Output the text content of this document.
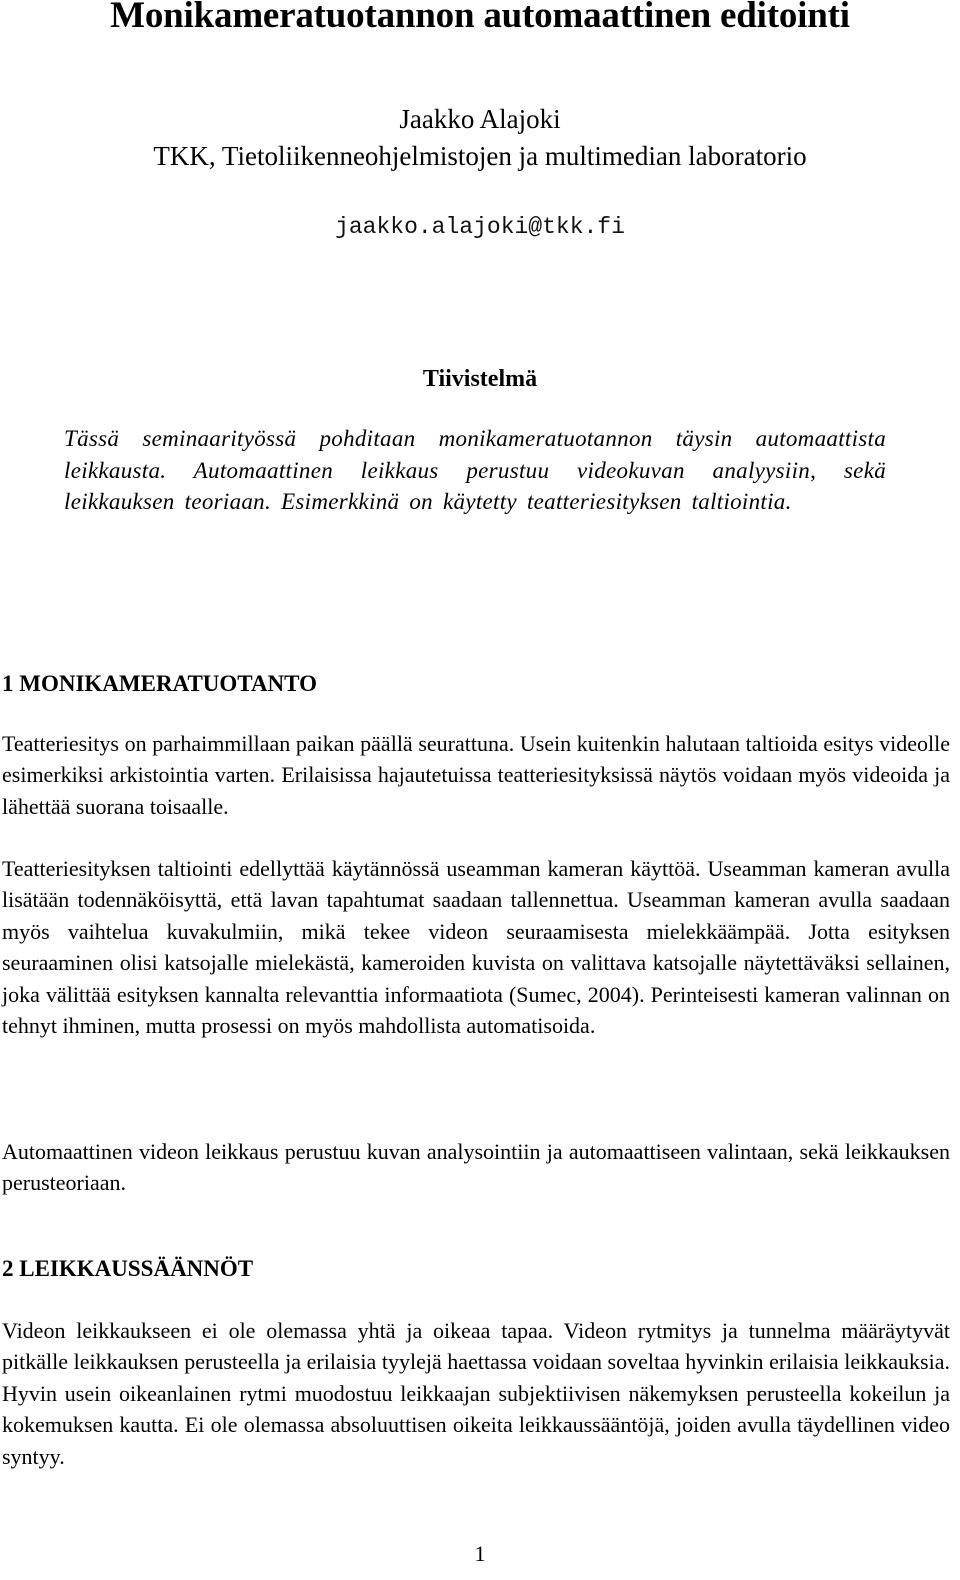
Monikameratuotannon automaattinen editointi

Jaakko Alajoki

TKK, Tietoliikenneohjelmistojen ja multimedian laboratorio

jaakko.alajoki@tkk.fi
Tiivistelmä

Tässä seminaarityössä pohditaan monikameratuotannon täysin automaattista leikkausta. Automaattinen leikkaus perustuu videokuvan analyysiin, sekä leikkauksen teoriaan. Esimerkkinä on käytetty teatteriesityksen taltiointia.

1 MONIKAMERATUOTANTO

Teatteriesitys on parhaimmillaan paikan päällä seurattuna. Usein kuitenkin halutaan taltioida esitys videolle esimerkiksi arkistointia varten. Erilaisissa hajautetuissa teatteriesityksissä näytös voidaan myös videoida ja lähettää suorana toisaalle.

Teatteriesityksen taltiointi edellyttää käytännössä useamman kameran käyttöä. Useamman kameran avulla lisätään todennäköisyttä, että lavan tapahtumat saadaan tallennettua. Useamman kameran avulla saadaan myös vaihtelua kuvakulmiin, mikä tekee videon seuraamisesta mielekkäämpää. Jotta esityksen seuraaminen olisi katsojalle mielekästä, kameroiden kuvista on valittava katsojalle näytettäväksi sellainen, joka välittää esityksen kannalta relevanttia informaatiota (Sumec, 2004). Perinteisesti kameran valinnan on tehnyt ihminen, mutta prosessi on myös mahdollista automatisoida.

Automaattinen videon leikkaus perustuu kuvan analysointiin ja automaattiseen valintaan, sekä leikkauksen perusteoriaan.

2 LEIKKAUSSÄÄNNÖT

Videon leikkaukseen ei ole olemassa yhtä ja oikeaa tapaa. Videon rytmitys ja tunnelma määräytyvät pitkälle leikkauksen perusteella ja erilaisia tyylejä haettassa voidaan soveltaa hyvinkin erilaisia leikkauksia. Hyvin usein oikeanlainen rytmi muodostuu leikkaajan subjektiivisen näkemyksen perusteella kokeilun ja kokemuksen kautta. Ei ole olemassa absoluuttisen oikeita leikkaussääntöjä, joiden avulla täydellinen video syntyy.

1
